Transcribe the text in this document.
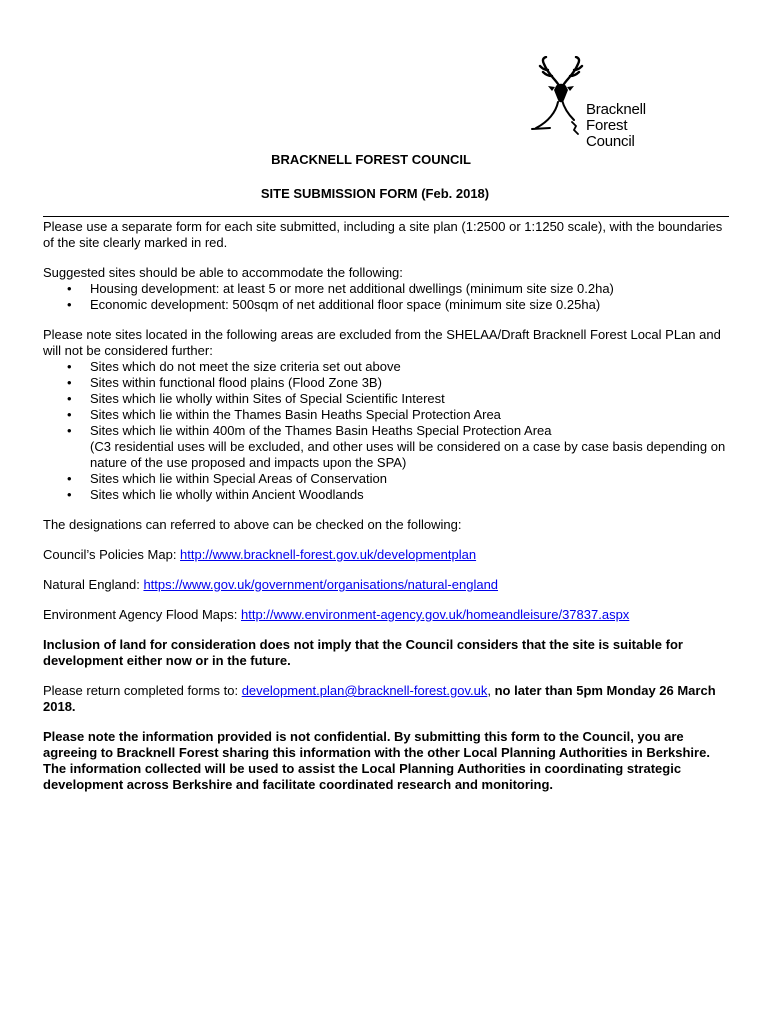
Bracknell
Forest
Council
BRACKNELL FOREST COUNCIL
SITE SUBMISSION FORM (Feb. 2018)

Please use a separate form for each site submitted, including a site plan (1:2500 or 1:1250 scale), with the boundaries of the site clearly marked in red.

Suggested sites should be able to accommodate the following:

• Housing development: at least 5 or more net additional dwellings (minimum site size 0.2ha)
• Economic development: 500sqm of net additional floor space (minimum site size 0.25ha)

Please note sites located in the following areas are excluded from the SHELAA/Draft Bracknell Forest Local PLan and will not be considered further:

• Sites which do not meet the size criteria set out above
• Sites within functional flood plains (Flood Zone 3B)
• Sites which lie wholly within Sites of Special Scientific Interest
• Sites which lie within the Thames Basin Heaths Special Protection Area
• Sites which lie within 400m of the Thames Basin Heaths Special Protection Area
(C3 residential uses will be excluded, and other uses will be considered on a case by case basis depending on nature of the use proposed and impacts upon the SPA)
• Sites which lie within Special Areas of Conservation
• Sites which lie wholly within Ancient Woodlands

The designations can referred to above can be checked on the following:

Council’s Policies Map: http://www.bracknell-forest.gov.uk/developmentplan

Natural England: https://www.gov.uk/government/organisations/natural-england

Environment Agency Flood Maps: http://www.environment-agency.gov.uk/homeandleisure/37837.aspx

Inclusion of land for consideration does not imply that the Council considers that the site is suitable for development either now or in the future.

Please return completed forms to: development.plan@bracknell-forest.gov.uk, no later than 5pm Monday 26 March 2018.

Please note the information provided is not confidential. By submitting this form to the Council, you are agreeing to Bracknell Forest sharing this information with the other Local Planning Authorities in Berkshire. The information collected will be used to assist the Local Planning Authorities in coordinating strategic development across Berkshire and facilitate coordinated research and monitoring.
